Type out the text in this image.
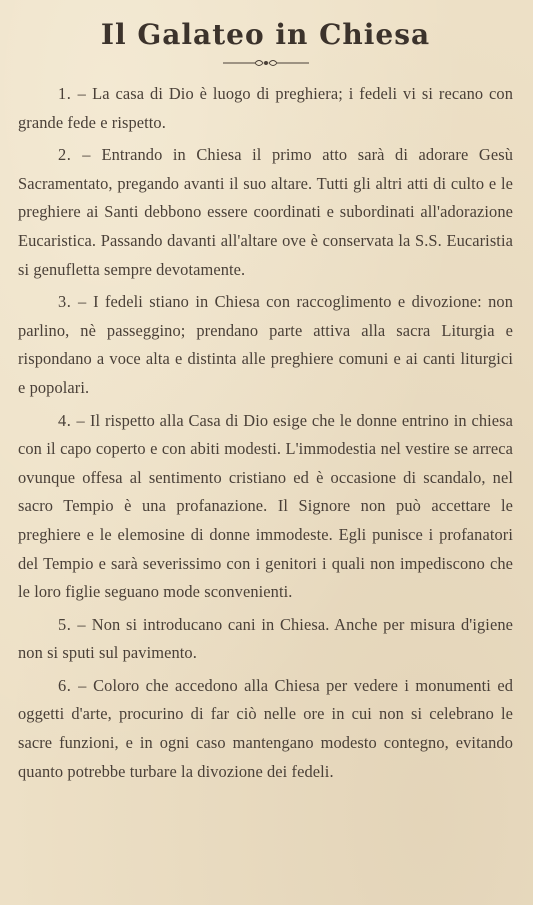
Il Galateo in Chiesa

1. – La casa di Dio è luogo di preghiera; i fedeli vi si recano con grande fede e rispetto.

2. – Entrando in Chiesa il primo atto sarà di adorare Gesù Sacramentato, pregando avanti il suo altare. Tutti gli altri atti di culto e le preghiere ai Santi debbono essere coordinati e subordinati all'adorazione Eucaristica. Passando davanti all'altare ove è conservata la S.S. Eucaristia si genufletta sempre devotamente.

3. – I fedeli stiano in Chiesa con raccoglimento e divozione: non parlino, nè passeggino; prendano parte attiva alla sacra Liturgia e rispondano a voce alta e distinta alle preghiere comuni e ai canti liturgici e popolari.

4. – Il rispetto alla Casa di Dio esige che le donne entrino in chiesa con il capo coperto e con abiti modesti. L'immodestia nel vestire se arreca ovunque offesa al sentimento cristiano ed è occasione di scandalo, nel sacro Tempio è una profanazione. Il Signore non può accettare le preghiere e le elemosine di donne immodeste. Egli punisce i profanatori del Tempio e sarà severissimo con i genitori i quali non impediscono che le loro figlie seguano mode sconvenienti.

5. – Non si introducano cani in Chiesa. Anche per misura d'igiene non si sputi sul pavimento.

6. – Coloro che accedono alla Chiesa per vedere i monumenti ed oggetti d'arte, procurino di far ciò nelle ore in cui non si celebrano le sacre funzioni, e in ogni caso mantengano modesto contegno, evitando quanto potrebbe turbare la divozione dei fedeli.
